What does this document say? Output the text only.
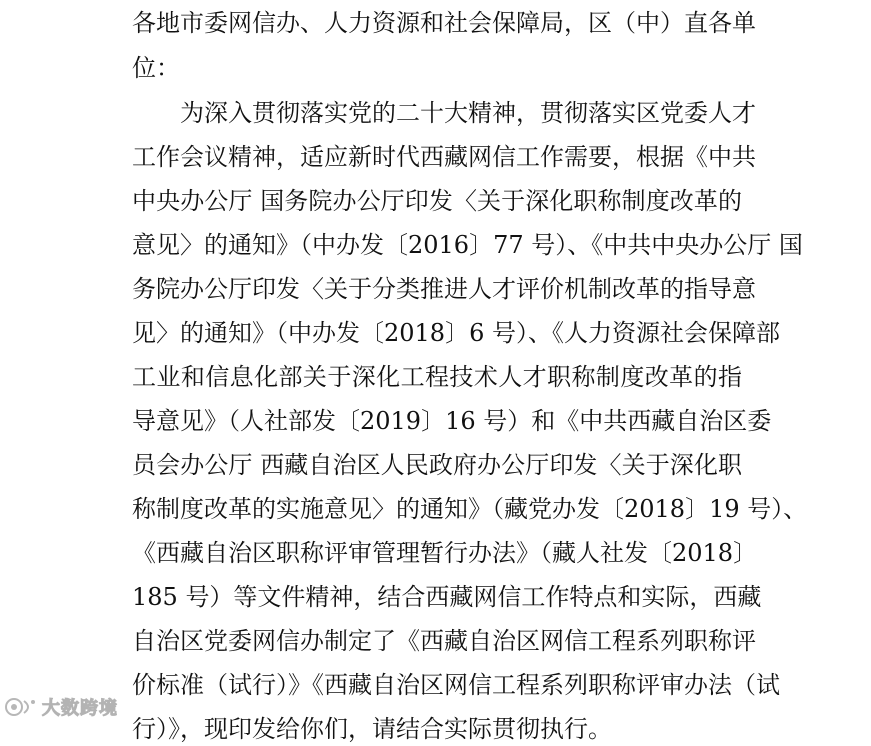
各地市委网信办、人力资源和社会保障局，区（中）直各单
位：
为深入贯彻落实党的二十大精神，贯彻落实区党委人才
工作会议精神，适应新时代西藏网信工作需要，根据《中共
中央办公厅 国务院办公厅印发〈关于深化职称制度改革的
意见〉的通知》（中办发〔2016〕77 号）、《中共中央办公厅 国
务院办公厅印发〈关于分类推进人才评价机制改革的指导意
见〉的通知》（中办发〔2018〕6 号）、《人力资源社会保障部
工业和信息化部关于深化工程技术人才职称制度改革的指
导意见》（人社部发〔2019〕16 号）和《中共西藏自治区委
员会办公厅 西藏自治区人民政府办公厅印发〈关于深化职
称制度改革的实施意见〉的通知》（藏党办发〔2018〕19 号）、
《西藏自治区职称评审管理暂行办法》（藏人社发〔2018〕
185 号）等文件精神，结合西藏网信工作特点和实际，西藏
自治区党委网信办制定了《西藏自治区网信工程系列职称评
价标准（试行）》《西藏自治区网信工程系列职称评审办法（试
行）》，现印发给你们，请结合实际贯彻执行。
大数跨境
